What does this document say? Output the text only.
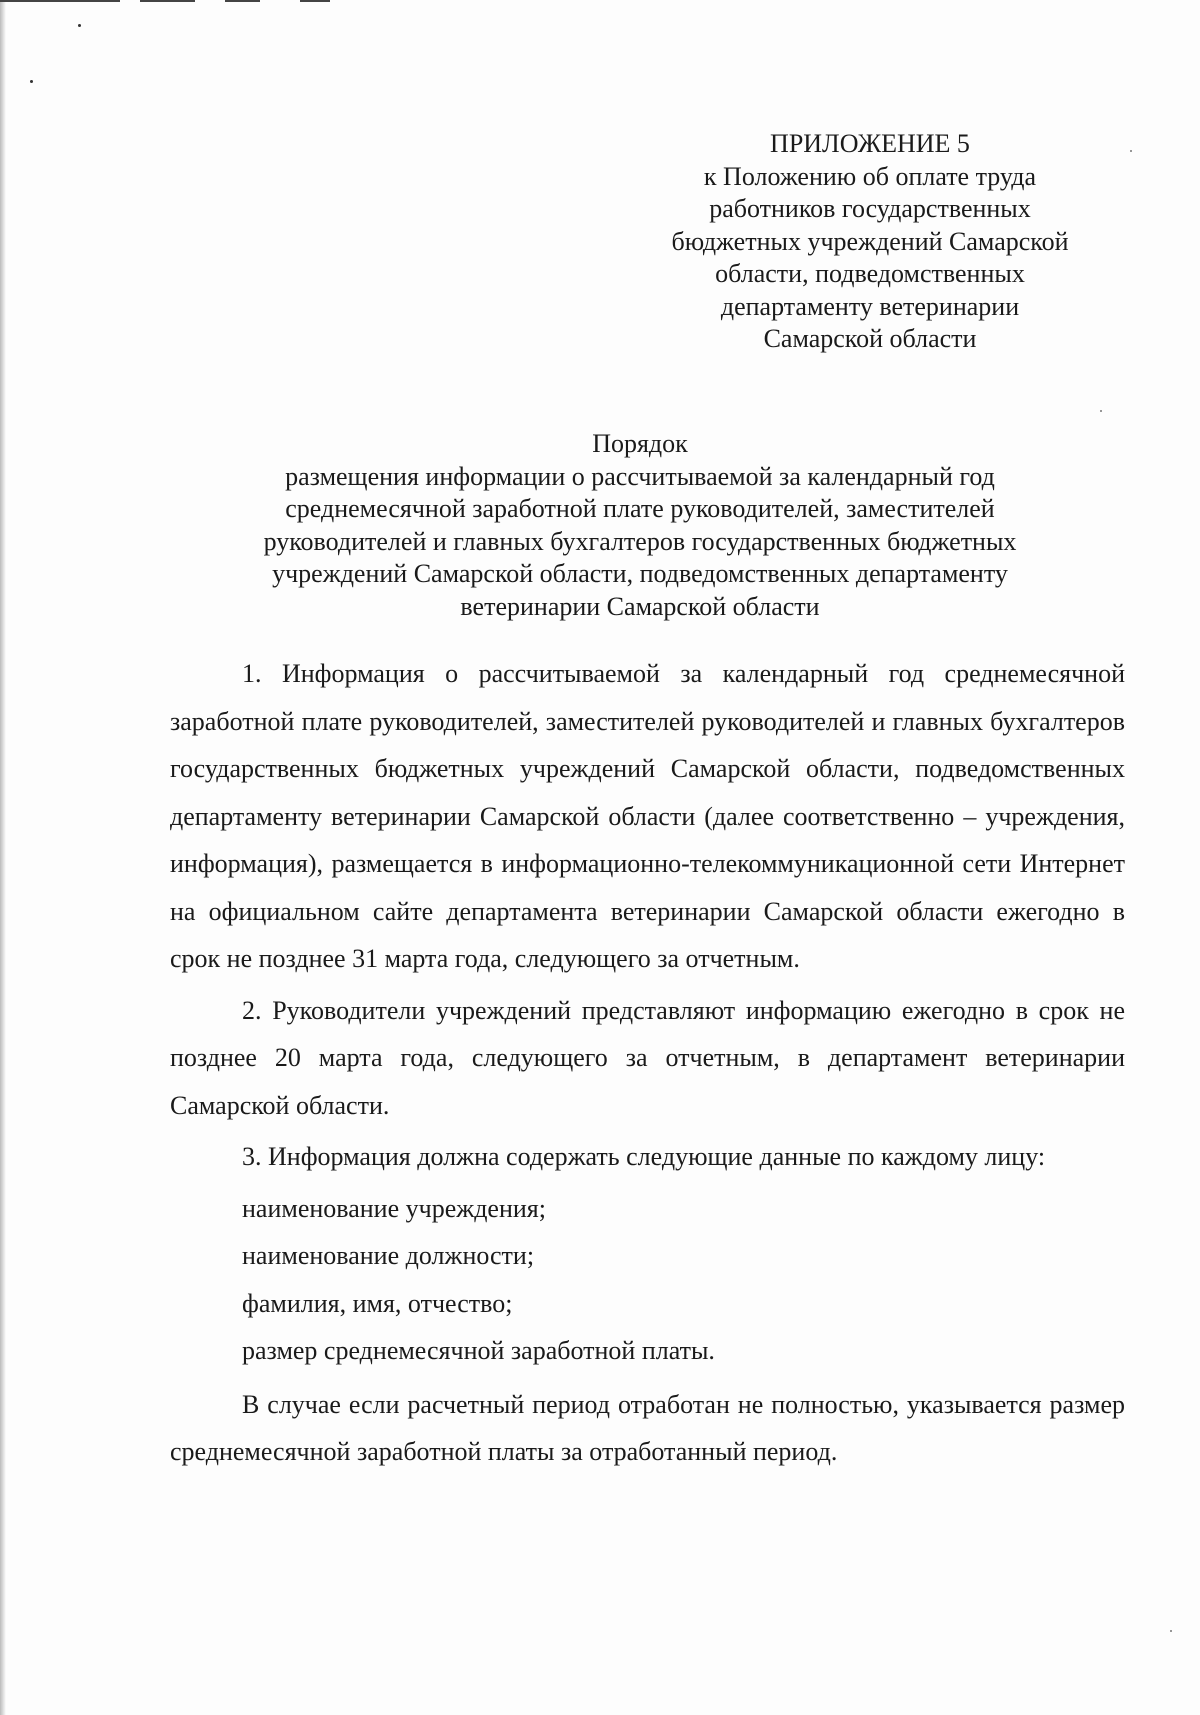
ПРИЛОЖЕНИЕ 5
к Положению об оплате труда
работников государственных
бюджетных учреждений Самарской
области, подведомственных
департаменту ветеринарии
Самарской области
Порядок
размещения информации о рассчитываемой за календарный год
среднемесячной заработной плате руководителей, заместителей
руководителей и главных бухгалтеров государственных бюджетных
учреждений Самарской области, подведомственных департаменту
ветеринарии Самарской области

1. Информация о рассчитываемой за календарный год среднемесячной заработной плате руководителей, заместителей руководителей и главных бухгалтеров государственных бюджетных учреждений Самарской области, подведомственных департаменту ветеринарии Самарской области (далее соответственно – учреждения, информация), размещается в информационно-телекоммуникационной сети Интернет на официальном сайте департамента ветеринарии Самарской области ежегодно в срок не позднее 31 марта года, следующего за отчетным.

2. Руководители учреждений представляют информацию ежегодно в срок не позднее 20 марта года, следующего за отчетным, в департамент ветеринарии Самарской области.

3. Информация должна содержать следующие данные по каждому лицу:

наименование учреждения;

наименование должности;

фамилия, имя, отчество;

размер среднемесячной заработной платы.

В случае если расчетный период отработан не полностью, указывается размер среднемесячной заработной платы за отработанный период.
